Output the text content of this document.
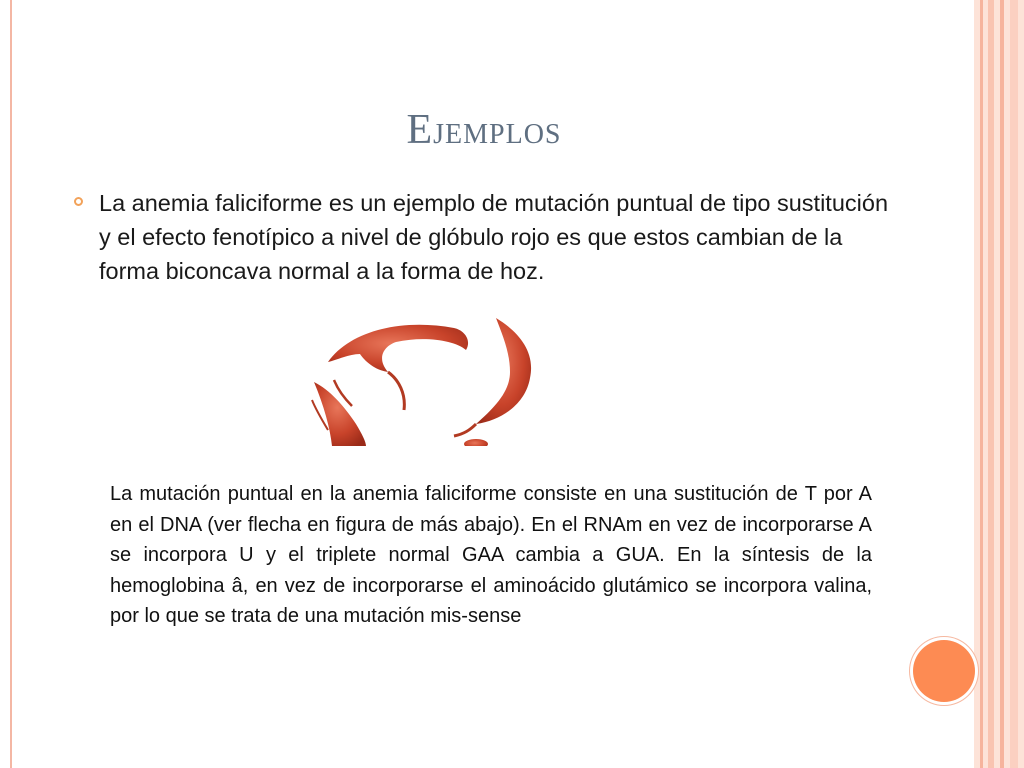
EJEMPLOS
La anemia faliciforme es un ejemplo de mutación puntual de tipo sustitución y el efecto fenotípico a nivel de glóbulo rojo es que estos cambian de la forma biconcava normal a la forma de hoz.
La mutación puntual en la anemia faliciforme consiste en una sustitución de T por A en el DNA (ver flecha en figura de más abajo). En el RNAm en vez de incorporarse A se incorpora U y el triplete normal GAA cambia a GUA. En la síntesis de la hemoglobina â, en vez de incorporarse el aminoácido glutámico se incorpora valina, por lo que se trata de una mutación mis-sense
